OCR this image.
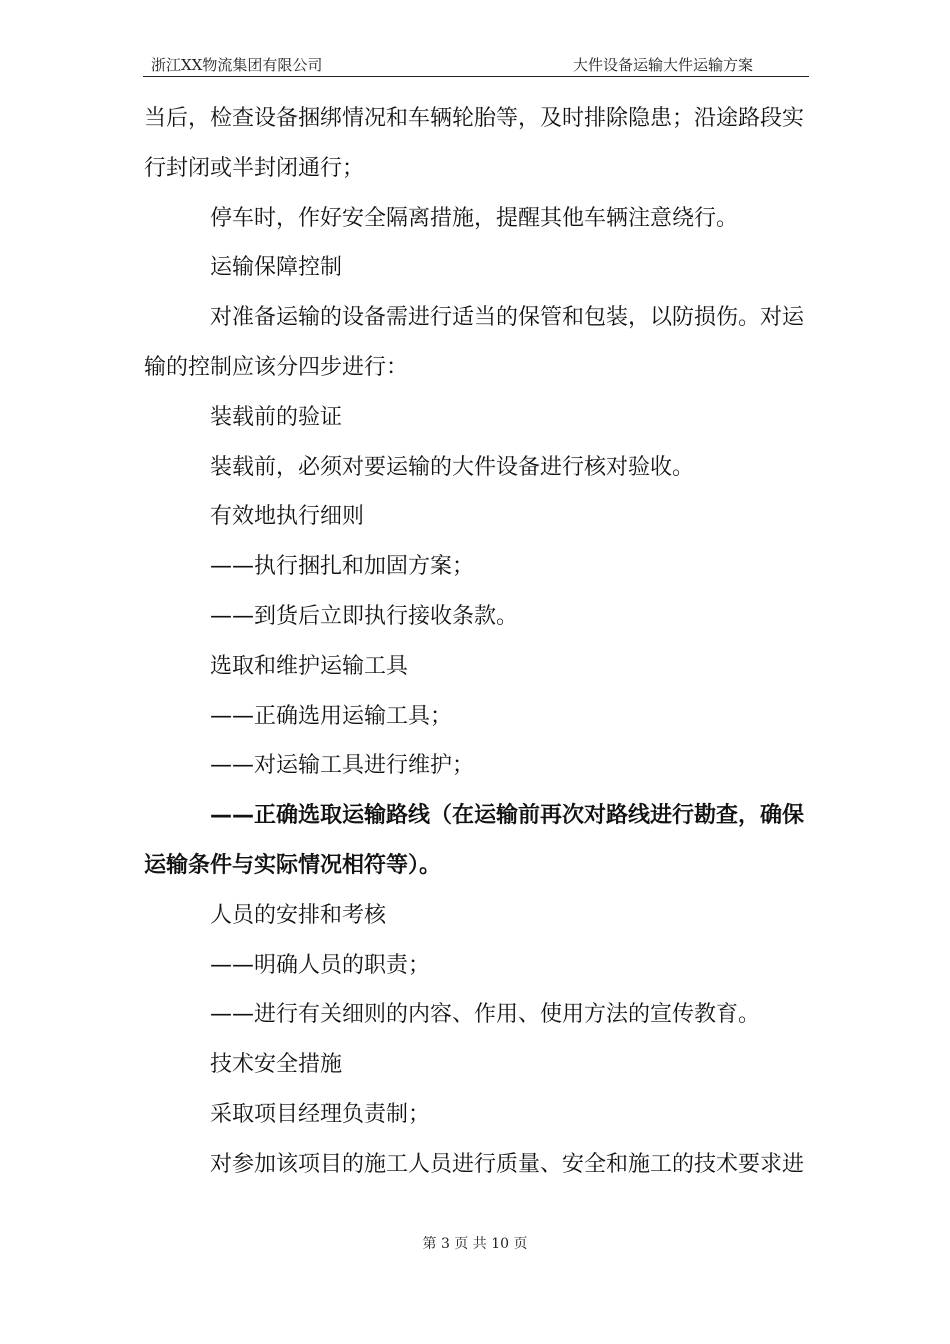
浙江XX物流集团有限公司	大件设备运输大件运输方案

当后，检查设备捆绑情况和车辆轮胎等，及时排除隐患；沿途路段实行封闭或半封闭通行；

停车时，作好安全隔离措施，提醒其他车辆注意绕行。

运输保障控制

对准备运输的设备需进行适当的保管和包装，以防损伤。对运输的控制应该分四步进行：

装载前的验证

装载前，必须对要运输的大件设备进行核对验收。

有效地执行细则

——执行捆扎和加固方案；

——到货后立即执行接收条款。

选取和维护运输工具

——正确选用运输工具；

——对运输工具进行维护；

——正确选取运输路线（在运输前再次对路线进行勘查，确保运输条件与实际情况相符等）。

人员的安排和考核

——明确人员的职责；

——进行有关细则的内容、作用、使用方法的宣传教育。

技术安全措施

采取项目经理负责制；

对参加该项目的施工人员进行质量、安全和施工的技术要求进

第 3 页 共 10 页
